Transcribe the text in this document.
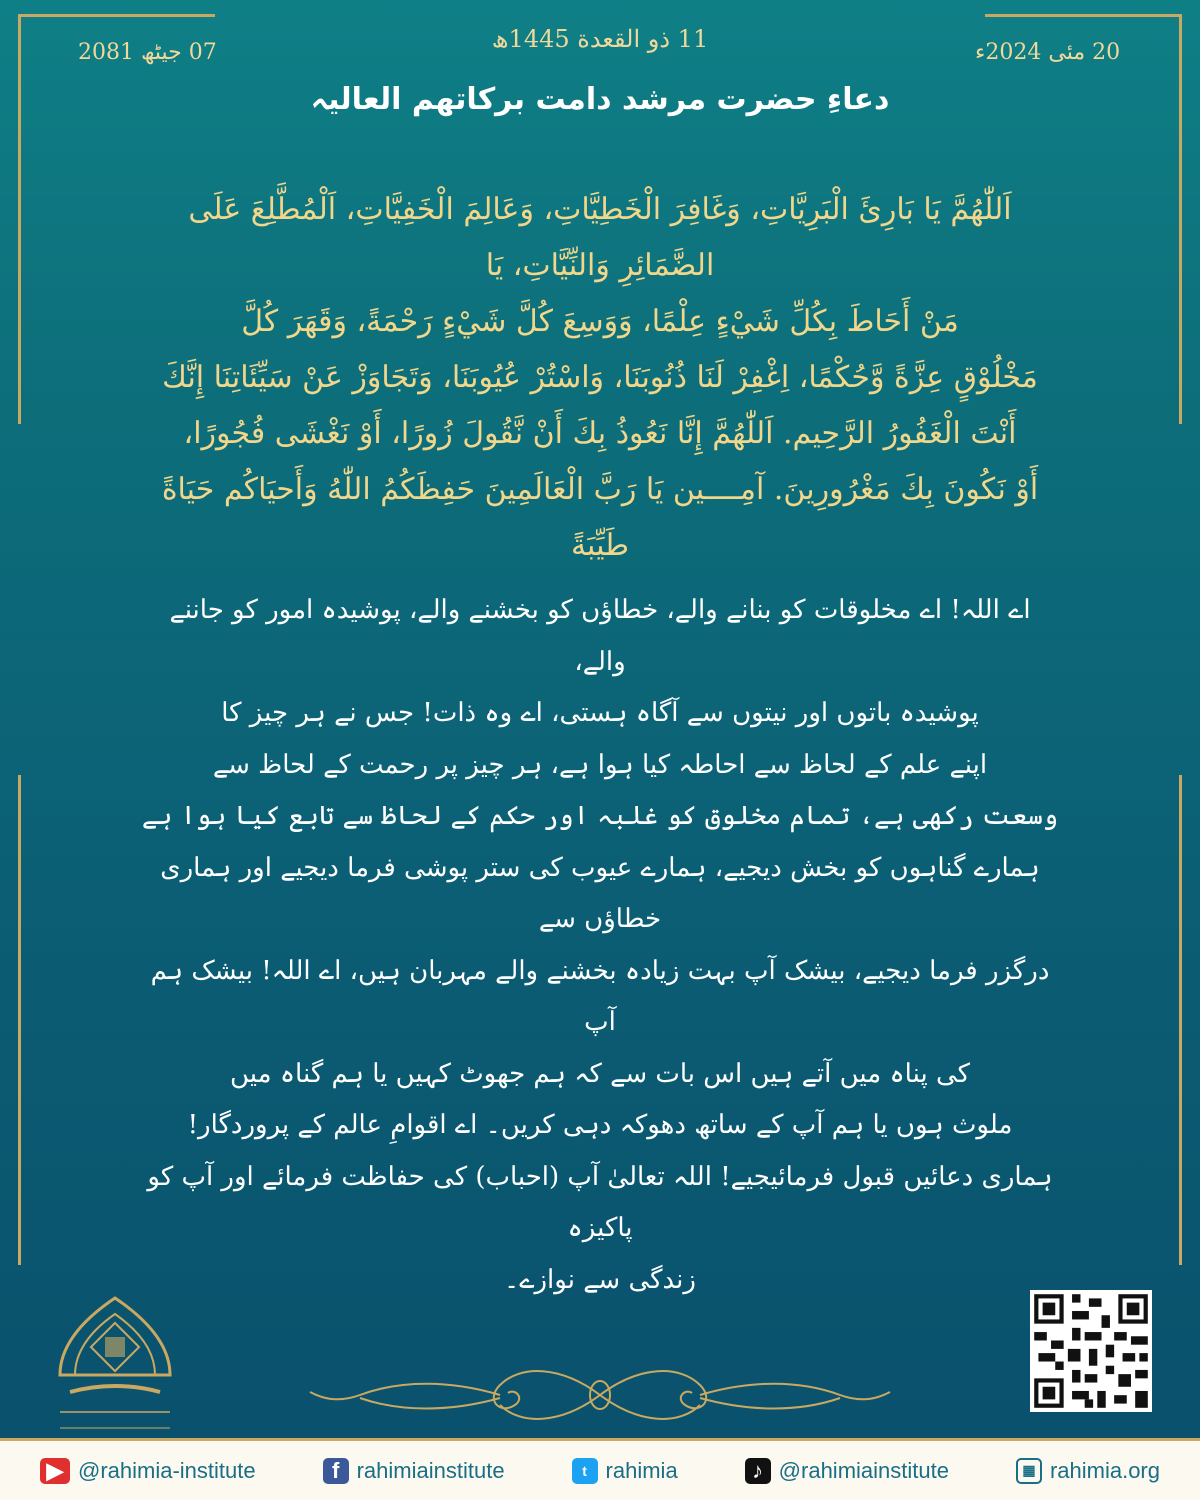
20 مئی 2024ء
11 ذو القعدة 1445ھ
07 جیٹھ 2081
دعاءِ حضرت مرشد دامت برکاتھم العالیہ
اَللّٰهُمَّ يَا بَارِئَ الْبَرِيَّاتِ، وَغَافِرَ الْخَطِيَّاتِ، وَعَالِمَ الْخَفِيَّاتِ، اَلْمُطَّلِعَ عَلَى الضَّمَائِرِ وَالنِّيَّاتِ، يَا
مَنْ أَحَاطَ بِكُلِّ شَيْءٍ عِلْمًا، وَوَسِعَ كُلَّ شَيْءٍ رَحْمَةً، وَقَهَرَ كُلَّ
مَخْلُوْقٍ عِزَّةً وَّحُكْمًا، اِغْفِرْ لَنَا ذُنُوبَنَا، وَاسْتُرْ عُيُوبَنَا، وَتَجَاوَزْ عَنْ سَيِّئَاتِنَا إِنَّكَ
أَنْتَ الْغَفُورُ الرَّحِيم. اَللّٰهُمَّ إِنَّا نَعُوذُ بِكَ أَنْ نَّقُولَ زُورًا، أَوْ نَغْشَى فُجُورًا،
أَوْ نَكُونَ بِكَ مَغْرُورِينَ. آمِــــين يَا رَبَّ الْعَالَمِينَ حَفِظَكُمُ اللّٰهُ وَأَحيَاكُم حَيَاةً
طَيِّبَةً
اے اللہ! اے مخلوقات کو بنانے والے، خطاؤں کو بخشنے والے، پوشیدہ امور کو جاننے والے،
پوشیدہ باتوں اور نیتوں سے آگاہ ہستی، اے وہ ذات! جس نے ہر چیز کا
اپنے علم کے لحاظ سے احاطہ کیا ہوا ہے، ہر چیز پر رحمت کے لحاظ سے
وسعت رکھی ہے، تمام مخلوق کو غلبہ اور حکم کے لحاظ سے تابع کیا ہوا ہے
ہمارے گناہوں کو بخش دیجیے، ہمارے عیوب کی ستر پوشی فرما دیجیے اور ہماری خطاؤں سے
درگزر فرما دیجیے، بیشک آپ بہت زیادہ بخشنے والے مہربان ہیں، اے اللہ! بیشک ہم آپ
کی پناہ میں آتے ہیں اس بات سے کہ ہم جھوٹ کہیں یا ہم گناہ میں
ملوث ہوں یا ہم آپ کے ساتھ دھوکہ دہی کریں۔ اے اقوامِ عالم کے پروردگار!
ہماری دعائیں قبول فرمائیجیے! اللہ تعالیٰ آپ (احباب) کی حفاظت فرمائے اور آپ کو پاکیزہ
زندگی سے نوازے۔
▶ @rahimia-institute	f rahimiainstitute	t rahimia	♪ @rahimiainstitute	▦ rahimia.org
